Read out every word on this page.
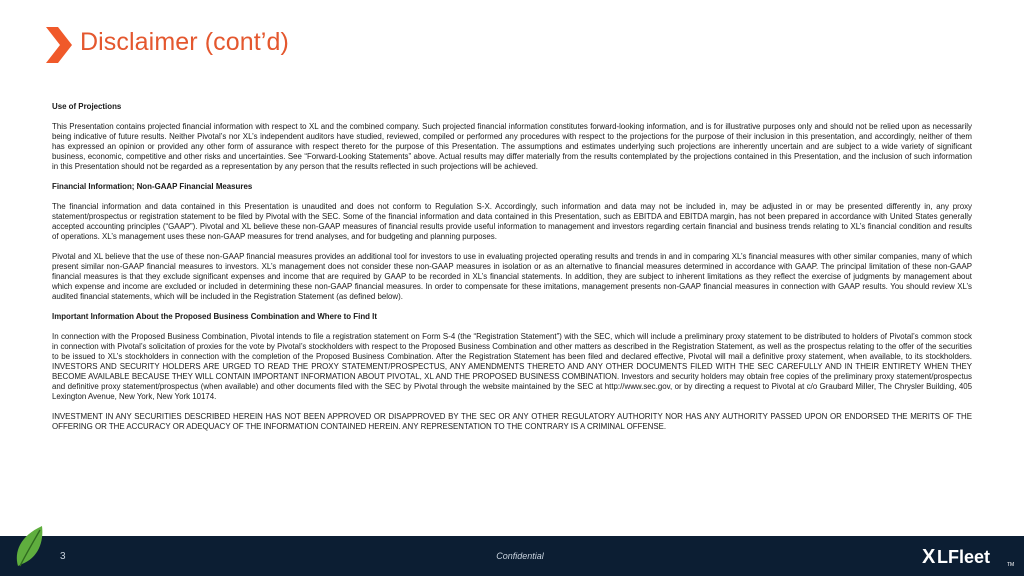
Disclaimer (cont’d)
Use of Projections

This Presentation contains projected financial information with respect to XL and the combined company. Such projected financial information constitutes forward-looking information, and is for illustrative purposes only and should not be relied upon as necessarily being indicative of future results. Neither Pivotal’s nor XL’s independent auditors have studied, reviewed, compiled or performed any procedures with respect to the projections for the purpose of their inclusion in this presentation, and accordingly, neither of them has expressed an opinion or provided any other form of assurance with respect thereto for the purpose of this Presentation. The assumptions and estimates underlying such projections are inherently uncertain and are subject to a wide variety of significant business, economic, competitive and other risks and uncertainties. See “Forward-Looking Statements” above. Actual results may differ materially from the results contemplated by the projections contained in this Presentation, and the inclusion of such information in this Presentation should not be regarded as a representation by any person that the results reflected in such projections will be achieved.

Financial Information; Non-GAAP Financial Measures

The financial information and data contained in this Presentation is unaudited and does not conform to Regulation S-X. Accordingly, such information and data may not be included in, may be adjusted in or may be presented differently in, any proxy statement/prospectus or registration statement to be filed by Pivotal with the SEC. Some of the financial information and data contained in this Presentation, such as EBITDA and EBITDA margin, has not been prepared in accordance with United States generally accepted accounting principles (“GAAP”). Pivotal and XL believe these non-GAAP measures of financial results provide useful information to management and investors regarding certain financial and business trends relating to XL’s financial condition and results of operations. XL’s management uses these non-GAAP measures for trend analyses, and for budgeting and planning purposes.

Pivotal and XL believe that the use of these non-GAAP financial measures provides an additional tool for investors to use in evaluating projected operating results and trends in and in comparing XL’s financial measures with other similar companies, many of which present similar non-GAAP financial measures to investors. XL’s management does not consider these non-GAAP measures in isolation or as an alternative to financial measures determined in accordance with GAAP. The principal limitation of these non-GAAP financial measures is that they exclude significant expenses and income that are required by GAAP to be recorded in XL’s financial statements. In addition, they are subject to inherent limitations as they reflect the exercise of judgments by management about which expense and income are excluded or included in determining these non-GAAP financial measures. In order to compensate for these imitations, management presents non-GAAP financial measures in connection with GAAP results. You should review XL’s audited financial statements, which will be included in the Registration Statement (as defined below).

Important Information About the Proposed Business Combination and Where to Find It

In connection with the Proposed Business Combination, Pivotal intends to file a registration statement on Form S-4 (the “Registration Statement”) with the SEC, which will include a preliminary proxy statement to be distributed to holders of Pivotal’s common stock in connection with Pivotal’s solicitation of proxies for the vote by Pivotal’s stockholders with respect to the Proposed Business Combination and other matters as described in the Registration Statement, as well as the prospectus relating to the offer of the securities to be issued to XL’s stockholders in connection with the completion of the Proposed Business Combination. After the Registration Statement has been filed and declared effective, Pivotal will mail a definitive proxy statement, when available, to its stockholders. INVESTORS AND SECURITY HOLDERS ARE URGED TO READ THE PROXY STATEMENT/PROSPECTUS, ANY AMENDMENTS THERETO AND ANY OTHER DOCUMENTS FILED WITH THE SEC CAREFULLY AND IN THEIR ENTIRETY WHEN THEY BECOME AVAILABLE BECAUSE THEY WILL CONTAIN IMPORTANT INFORMATION ABOUT PIVOTAL, XL AND THE PROPOSED BUSINESS COMBINATION. Investors and security holders may obtain free copies of the preliminary proxy statement/prospectus and definitive proxy statement/prospectus (when available) and other documents filed with the SEC by Pivotal through the website maintained by the SEC at http://www.sec.gov, or by directing a request to Pivotal at c/o Graubard Miller, The Chrysler Building, 405 Lexington Avenue, New York, New York 10174.

INVESTMENT IN ANY SECURITIES DESCRIBED HEREIN HAS NOT BEEN APPROVED OR DISAPPROVED BY THE SEC OR ANY OTHER REGULATORY AUTHORITY NOR HAS ANY AUTHORITY PASSED UPON OR ENDORSED THE MERITS OF THE OFFERING OR THE ACCURACY OR ADEQUACY OF THE INFORMATION CONTAINED HEREIN. ANY REPRESENTATION TO THE CONTRARY IS A CRIMINAL OFFENSE.

3	Confidential	X LFleet	TM
